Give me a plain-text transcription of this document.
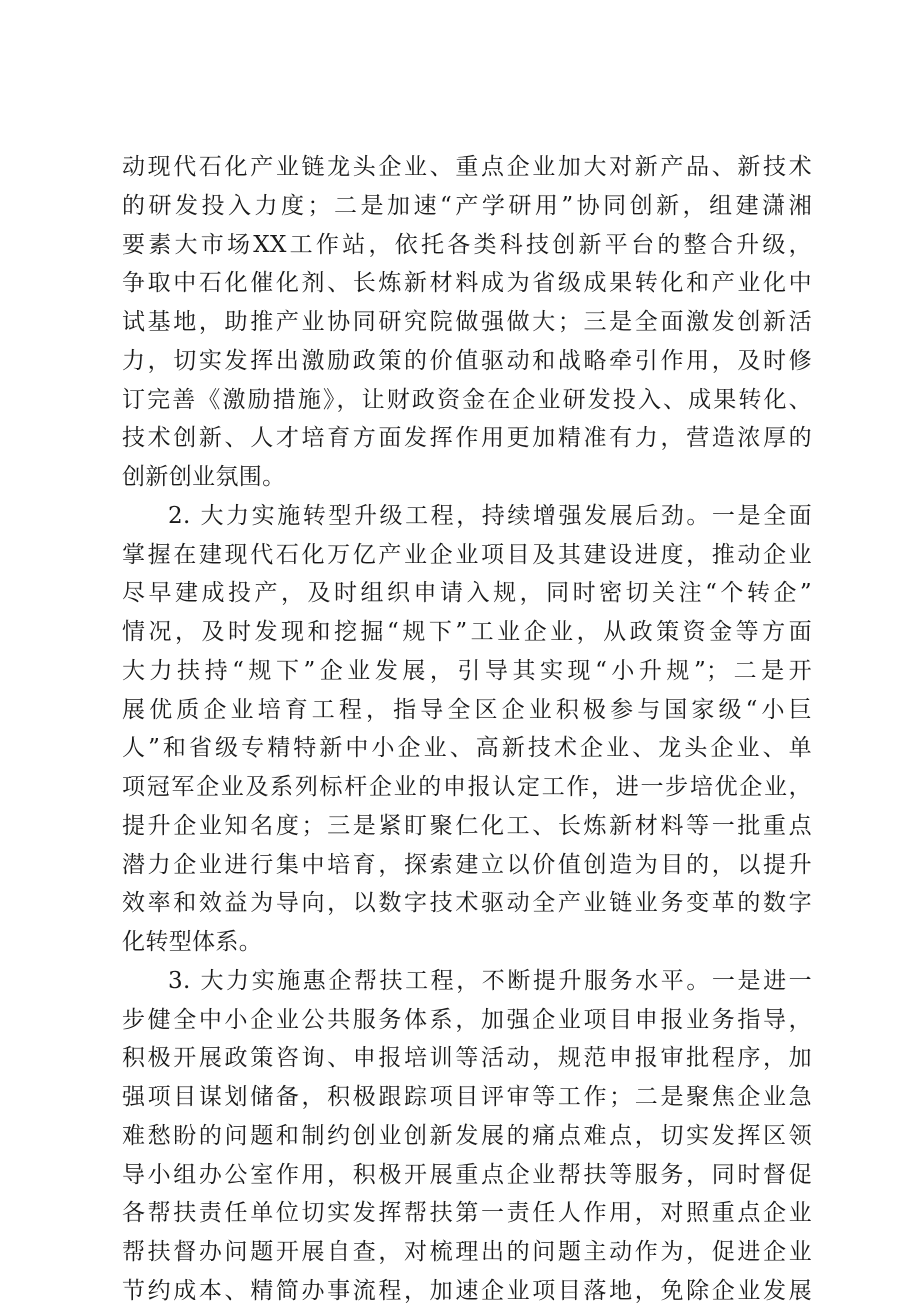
动现代石化产业链龙头企业、重点企业加大对新产品、新技术
的研发投入力度；二是加速“产学研用”协同创新，组建潇湘
要素大市场XX工作站，依托各类科技创新平台的整合升级，
争取中石化催化剂、长炼新材料成为省级成果转化和产业化中
试基地，助推产业协同研究院做强做大；三是全面激发创新活
力，切实发挥出激励政策的价值驱动和战略牵引作用，及时修
订完善《激励措施》，让财政资金在企业研发投入、成果转化、
技术创新、人才培育方面发挥作用更加精准有力，营造浓厚的
创新创业氛围。
2. 大力实施转型升级工程，持续增强发展后劲。一是全面
掌握在建现代石化万亿产业企业项目及其建设进度，推动企业
尽早建成投产，及时组织申请入规，同时密切关注“个转企”
情况，及时发现和挖掘“规下”工业企业，从政策资金等方面
大力扶持“规下”企业发展，引导其实现“小升规”；二是开
展优质企业培育工程，指导全区企业积极参与国家级“小巨
人”和省级专精特新中小企业、高新技术企业、龙头企业、单
项冠军企业及系列标杆企业的申报认定工作，进一步培优企业，
提升企业知名度；三是紧盯聚仁化工、长炼新材料等一批重点
潜力企业进行集中培育，探索建立以价值创造为目的，以提升
效率和效益为导向，以数字技术驱动全产业链业务变革的数字
化转型体系。
3. 大力实施惠企帮扶工程，不断提升服务水平。一是进一
步健全中小企业公共服务体系，加强企业项目申报业务指导，
积极开展政策咨询、申报培训等活动，规范申报审批程序，加
强项目谋划储备，积极跟踪项目评审等工作；二是聚焦企业急
难愁盼的问题和制约创业创新发展的痛点难点，切实发挥区领
导小组办公室作用，积极开展重点企业帮扶等服务，同时督促
各帮扶责任单位切实发挥帮扶第一责任人作用，对照重点企业
帮扶督办问题开展自查，对梳理出的问题主动作为，促进企业
节约成本、精简办事流程，加速企业项目落地，免除企业发展
